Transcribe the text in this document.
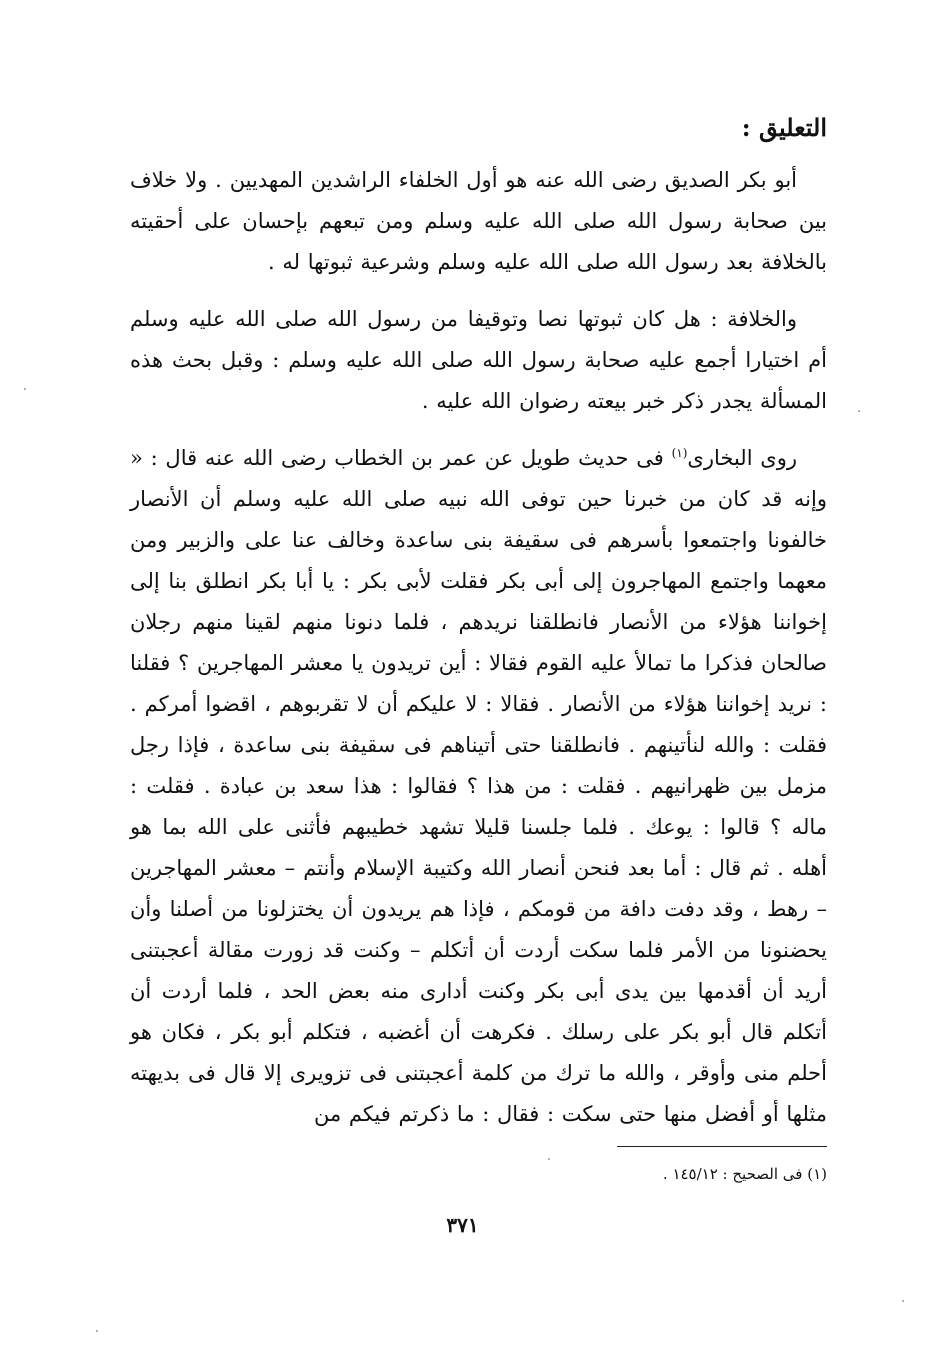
التعليق :

أبو بكر الصديق رضى الله عنه هو أول الخلفاء الراشدين المهديين . ولا خلاف بين صحابة رسول الله صلى الله عليه وسلم ومن تبعهم بإحسان على أحقيته بالخلافة بعد رسول الله صلى الله عليه وسلم وشرعية ثبوتها له .

والخلافة : هل كان ثبوتها نصا وتوقيفا من رسول الله صلى الله عليه وسلم أم اختيارا أجمع عليه صحابة رسول الله صلى الله عليه وسلم : وقبل بحث هذه المسألة يجدر ذكر خبر بيعته رضوان الله عليه .

روى البخارى$^{(١)}$ فى حديث طويل عن عمر بن الخطاب رضى الله عنه قال : « وإنه قد كان من خبرنا حين توفى الله نبيه صلى الله عليه وسلم أن الأنصار خالفونا واجتمعوا بأسرهم فى سقيفة بنى ساعدة وخالف عنا على والزبير ومن معهما واجتمع المهاجرون إلى أبى بكر فقلت لأبى بكر : يا أبا بكر انطلق بنا إلى إخواننا هؤلاء من الأنصار فانطلقنا نريدهم ، فلما دنونا منهم لقينا منهم رجلان صالحان فذكرا ما تمالأ عليه القوم فقالا : أين تريدون يا معشر المهاجرين ؟ فقلنا : نريد إخواننا هؤلاء من الأنصار . فقالا : لا عليكم أن لا تقربوهم ، اقضوا أمركم . فقلت : والله لنأتينهم . فانطلقنا حتى أتيناهم فى سقيفة بنى ساعدة ، فإذا رجل مزمل بين ظهرانيهم . فقلت : من هذا ؟ فقالوا : هذا سعد بن عبادة . فقلت : ماله ؟ قالوا : يوعك . فلما جلسنا قليلا تشهد خطيبهم فأثنى على الله بما هو أهله . ثم قال : أما بعد فنحن أنصار الله وكتيبة الإسلام وأنتم – معشر المهاجرين – رهط ، وقد دفت دافة من قومكم ، فإذا هم يريدون أن يختزلونا من أصلنا وأن يحضنونا من الأمر فلما سكت أردت أن أتكلم – وكنت قد زورت مقالة أعجبتنى أريد أن أقدمها بين يدى أبى بكر وكنت أدارى منه بعض الحد ، فلما أردت أن أتكلم قال أبو بكر على رسلك . فكرهت أن أغضبه ، فتكلم أبو بكر ، فكان هو أحلم منى وأوقر ، والله ما ترك من كلمة أعجبتنى فى تزويرى إلا قال فى بديهته مثلها أو أفضل منها حتى سكت : فقال : ما ذكرتم فيكم من

(١) فى الصحيح : ١٤٥/١٢ .

٣٧١
